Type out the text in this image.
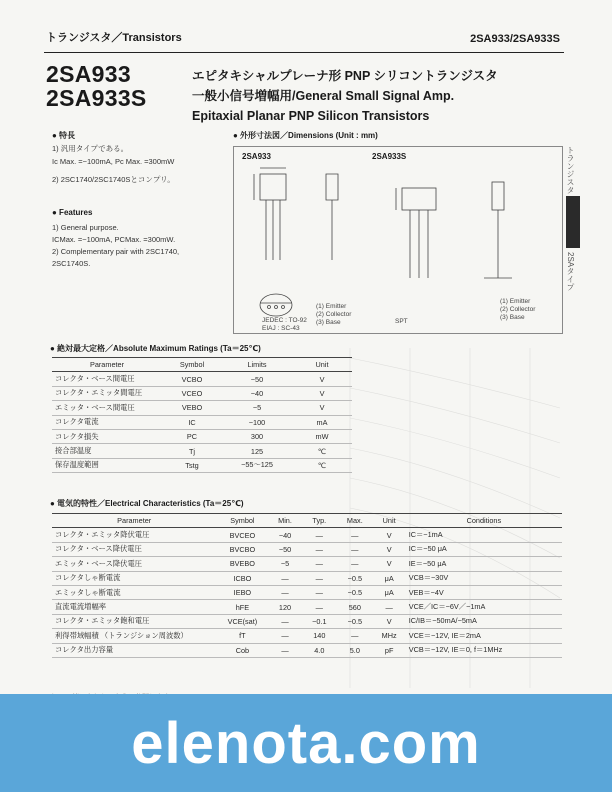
トランジスタ／Transistors	2SA933/2SA933S
2SA933
2SA933S
エピタキシャルプレーナ形 PNP シリコントランジスタ
一般小信号増幅用/General Small Signal Amp.
Epitaxial Planar PNP Silicon Transistors
● 特長
1) 汎用タイプである。
Ic Max. =−100mA, Pc Max. =300mW
2) 2SC1740/2SC1740Sとコンプリ。
● Features
1) General purpose.
ICMax. =−100mA, PCMax. =300mW.
2) Complementary pair with 2SC1740,
2SC1740S.
● 外形寸法図／Dimensions (Unit : mm)
2SA933	2SA933S
JEDEC : TO-92
EIAJ : SC-43
(1) Emitter
(2) Collector
(3) Base	SPT
(1) Emitter
(2) Collector
(3) Base
トランジスタ
2SAタイプ
● 絶対最大定格／Absolute Maximum Ratings (Ta＝25℃)
Parameter	Symbol	Limits	Unit
コレクタ・ベース間電圧	VCBO	−50	V
コレクタ・エミッタ間電圧	VCEO	−40	V
エミッタ・ベース間電圧	VEBO	−5	V
コレクタ電流	IC	−100	mA
コレクタ損失	PC	300	mW
接合部温度	Tj	125	℃
保存温度範囲	Tstg	−55～125	℃
● 電気的特性／Electrical Characteristics (Ta＝25℃)
Parameter	Symbol	Min.	Typ.	Max.	Unit	Conditions
コレクタ・エミッタ降伏電圧	BVCEO	−40	—	—	V	IC＝−1mA
コレクタ・ベース降伏電圧	BVCBO	−50	—	—	V	IC＝−50 μA
エミッタ・ベース降伏電圧	BVEBO	−5	—	—	V	IE＝−50 μA
コレクタしゃ断電流	ICBO	—	—	−0.5	μA	VCB＝−30V
エミッタしゃ断電流	IEBO	—	—	−0.5	μA	VEB＝−4V
直流電流増幅率	hFE	120	—	560	—	VCE／IC＝−6V／−1mA
コレクタ・エミッタ飽和電圧	VCE(sat)	—	−0.1	−0.5	V	IC/IB＝−50mA/−5mA
利得帯域幅積 （トランジション周波数）	fT	—	140	—	MHz	VCE＝−12V, IE＝2mA
コレクタ出力容量	Cob	—	4.0	5.0	pF	VCB＝−12V, IE＝0, f＝1MHz
elenota.com
